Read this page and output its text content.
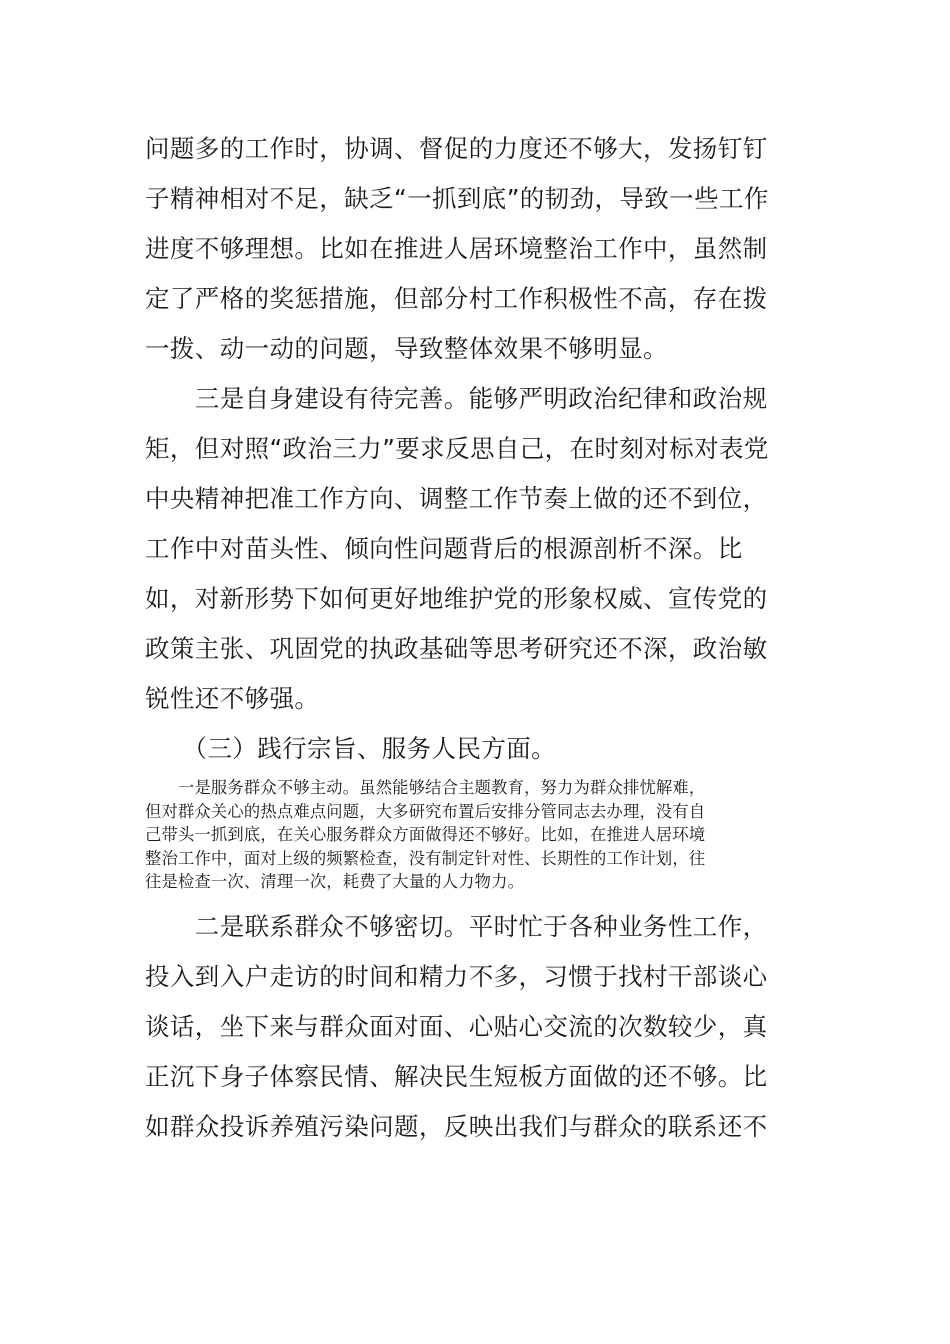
问题多的工作时，协调、督促的力度还不够大，发扬钉钉
子精神相对不足，缺乏“一抓到底”的韧劲，导致一些工作
进度不够理想。比如在推进人居环境整治工作中，虽然制
定了严格的奖惩措施，但部分村工作积极性不高，存在拨
一拨、动一动的问题，导致整体效果不够明显。
　　三是自身建设有待完善。能够严明政治纪律和政治规
矩，但对照“政治三力”要求反思自己，在时刻对标对表党
中央精神把准工作方向、调整工作节奏上做的还不到位，
工作中对苗头性、倾向性问题背后的根源剖析不深。比
如，对新形势下如何更好地维护党的形象权威、宣传党的
政策主张、巩固党的执政基础等思考研究还不深，政治敏
锐性还不够强。
　　（三）践行宗旨、服务人民方面。
　　一是服务群众不够主动。虽然能够结合主题教育，努力为群众排忧解难，
但对群众关心的热点难点问题，大多研究布置后安排分管同志去办理，没有自
己带头一抓到底，在关心服务群众方面做得还不够好。比如，在推进人居环境
整治工作中，面对上级的频繁检查，没有制定针对性、长期性的工作计划，往
往是检查一次、清理一次，耗费了大量的人力物力。
　　二是联系群众不够密切。平时忙于各种业务性工作，
投入到入户走访的时间和精力不多，习惯于找村干部谈心
谈话，坐下来与群众面对面、心贴心交流的次数较少，真
正沉下身子体察民情、解决民生短板方面做的还不够。比
如群众投诉养殖污染问题，反映出我们与群众的联系还不
